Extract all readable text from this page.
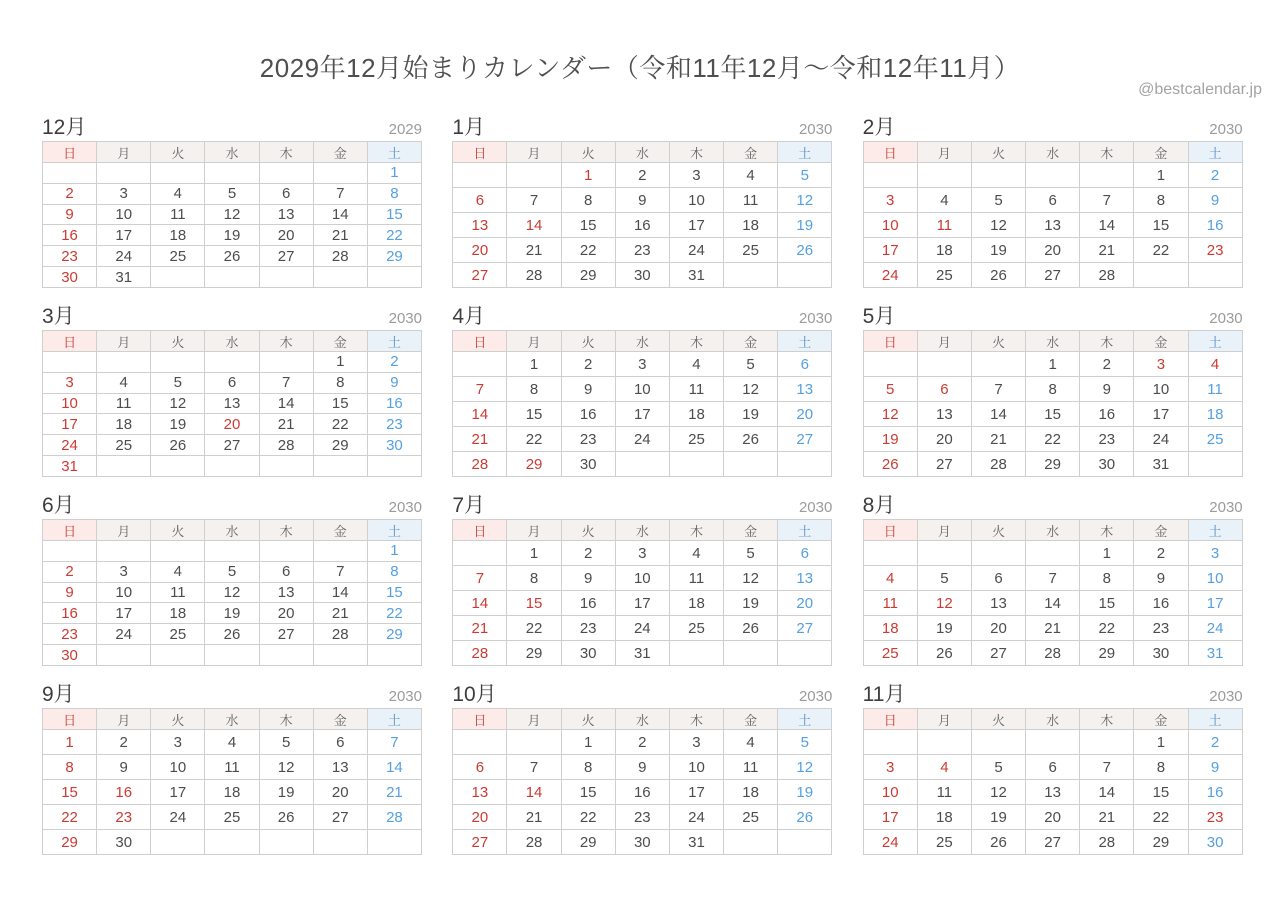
@bestcalendar.jp
2029年12月始まりカレンダー（令和11年12月～令和12年11月）
12月	2029
日	月	火	水	木	金	土
						1
2	3	4	5	6	7	8
9	10	11	12	13	14	15
16	17	18	19	20	21	22
23	24	25	26	27	28	29
30	31					
1月	2030
日	月	火	水	木	金	土
		1	2	3	4	5
6	7	8	9	10	11	12
13	14	15	16	17	18	19
20	21	22	23	24	25	26
27	28	29	30	31		
2月	2030
日	月	火	水	木	金	土
					1	2
3	4	5	6	7	8	9
10	11	12	13	14	15	16
17	18	19	20	21	22	23
24	25	26	27	28		
3月	2030
日	月	火	水	木	金	土
					1	2
3	4	5	6	7	8	9
10	11	12	13	14	15	16
17	18	19	20	21	22	23
24	25	26	27	28	29	30
31						
4月	2030
日	月	火	水	木	金	土
	1	2	3	4	5	6
7	8	9	10	11	12	13
14	15	16	17	18	19	20
21	22	23	24	25	26	27
28	29	30				
5月	2030
日	月	火	水	木	金	土
			1	2	3	4
5	6	7	8	9	10	11
12	13	14	15	16	17	18
19	20	21	22	23	24	25
26	27	28	29	30	31	
6月	2030
日	月	火	水	木	金	土
						1
2	3	4	5	6	7	8
9	10	11	12	13	14	15
16	17	18	19	20	21	22
23	24	25	26	27	28	29
30						
7月	2030
日	月	火	水	木	金	土
	1	2	3	4	5	6
7	8	9	10	11	12	13
14	15	16	17	18	19	20
21	22	23	24	25	26	27
28	29	30	31			
8月	2030
日	月	火	水	木	金	土
				1	2	3
4	5	6	7	8	9	10
11	12	13	14	15	16	17
18	19	20	21	22	23	24
25	26	27	28	29	30	31
9月	2030
日	月	火	水	木	金	土
1	2	3	4	5	6	7
8	9	10	11	12	13	14
15	16	17	18	19	20	21
22	23	24	25	26	27	28
29	30					
10月	2030
日	月	火	水	木	金	土
		1	2	3	4	5
6	7	8	9	10	11	12
13	14	15	16	17	18	19
20	21	22	23	24	25	26
27	28	29	30	31		
11月	2030
日	月	火	水	木	金	土
					1	2
3	4	5	6	7	8	9
10	11	12	13	14	15	16
17	18	19	20	21	22	23
24	25	26	27	28	29	30
